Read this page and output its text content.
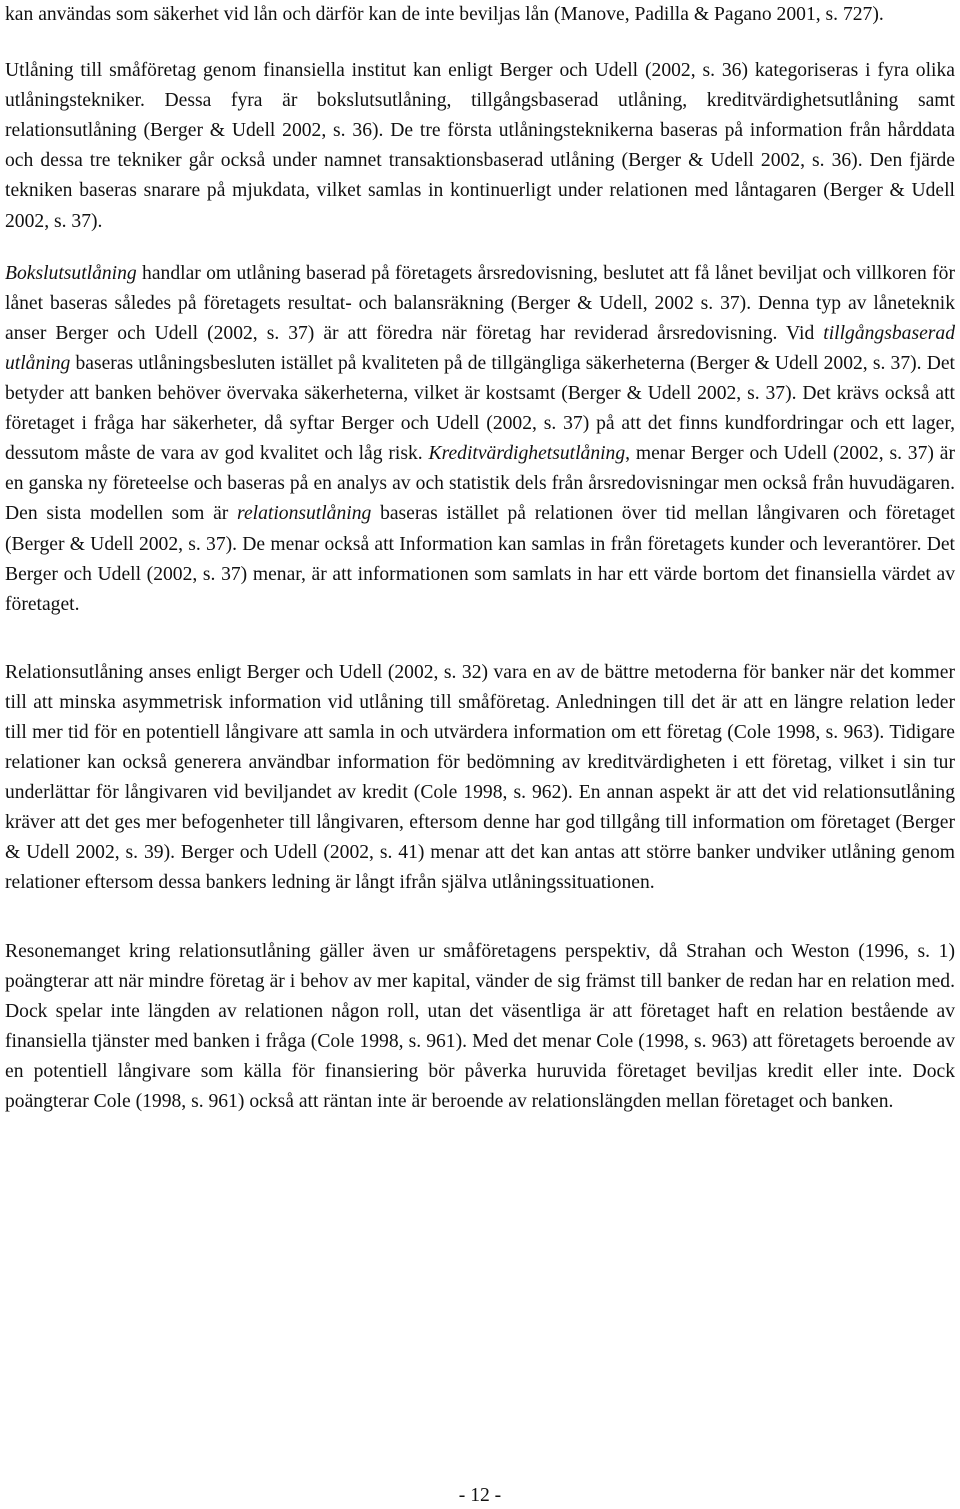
kan användas som säkerhet vid lån och därför kan de inte beviljas lån (Manove, Padilla & Pagano 2001, s. 727).

Utlåning till småföretag genom finansiella institut kan enligt Berger och Udell (2002, s. 36) kategoriseras i fyra olika utlåningstekniker. Dessa fyra är bokslutsutlåning, tillgångsbaserad utlåning, kreditvärdighetsutlåning samt relationsutlåning (Berger & Udell 2002, s. 36). De tre första utlåningsteknikerna baseras på information från hårddata och dessa tre tekniker går också under namnet transaktionsbaserad utlåning (Berger & Udell 2002, s. 36). Den fjärde tekniken baseras snarare på mjukdata, vilket samlas in kontinuerligt under relationen med låntagaren (Berger & Udell 2002, s. 37).

Bokslutsutlåning handlar om utlåning baserad på företagets årsredovisning, beslutet att få lånet beviljat och villkoren för lånet baseras således på företagets resultat- och balansräkning (Berger & Udell, 2002 s. 37). Denna typ av låneteknik anser Berger och Udell (2002, s. 37) är att föredra när företag har reviderad årsredovisning. Vid tillgångsbaserad utlåning baseras utlåningsbesluten istället på kvaliteten på de tillgängliga säkerheterna (Berger & Udell 2002, s. 37). Det betyder att banken behöver övervaka säkerheterna, vilket är kostsamt (Berger & Udell 2002, s. 37). Det krävs också att företaget i fråga har säkerheter, då syftar Berger och Udell (2002, s. 37) på att det finns kundfordringar och ett lager, dessutom måste de vara av god kvalitet och låg risk. Kreditvärdighetsutlåning, menar Berger och Udell (2002, s. 37) är en ganska ny företeelse och baseras på en analys av och statistik dels från årsredovisningar men också från huvudägaren. Den sista modellen som är relationsutlåning baseras istället på relationen över tid mellan långivaren och företaget (Berger & Udell 2002, s. 37). De menar också att Information kan samlas in från företagets kunder och leverantörer. Det Berger och Udell (2002, s. 37) menar, är att informationen som samlats in har ett värde bortom det finansiella värdet av företaget.

Relationsutlåning anses enligt Berger och Udell (2002, s. 32) vara en av de bättre metoderna för banker när det kommer till att minska asymmetrisk information vid utlåning till småföretag. Anledningen till det är att en längre relation leder till mer tid för en potentiell långivare att samla in och utvärdera information om ett företag (Cole 1998, s. 963). Tidigare relationer kan också generera användbar information för bedömning av kreditvärdigheten i ett företag, vilket i sin tur underlättar för långivaren vid beviljandet av kredit (Cole 1998, s. 962). En annan aspekt är att det vid relationsutlåning kräver att det ges mer befogenheter till långivaren, eftersom denne har god tillgång till information om företaget (Berger & Udell 2002, s. 39). Berger och Udell (2002, s. 41) menar att det kan antas att större banker undviker utlåning genom relationer eftersom dessa bankers ledning är långt ifrån själva utlåningssituationen.

Resonemanget kring relationsutlåning gäller även ur småföretagens perspektiv, då Strahan och Weston (1996, s. 1) poängterar att när mindre företag är i behov av mer kapital, vänder de sig främst till banker de redan har en relation med. Dock spelar inte längden av relationen någon roll, utan det väsentliga är att företaget haft en relation bestående av finansiella tjänster med banken i fråga (Cole 1998, s. 961). Med det menar Cole (1998, s. 963) att företagets beroende av en potentiell långivare som källa för finansiering bör påverka huruvida företaget beviljas kredit eller inte. Dock poängterar Cole (1998, s. 961) också att räntan inte är beroende av relationslängden mellan företaget och banken.

- 12 -
